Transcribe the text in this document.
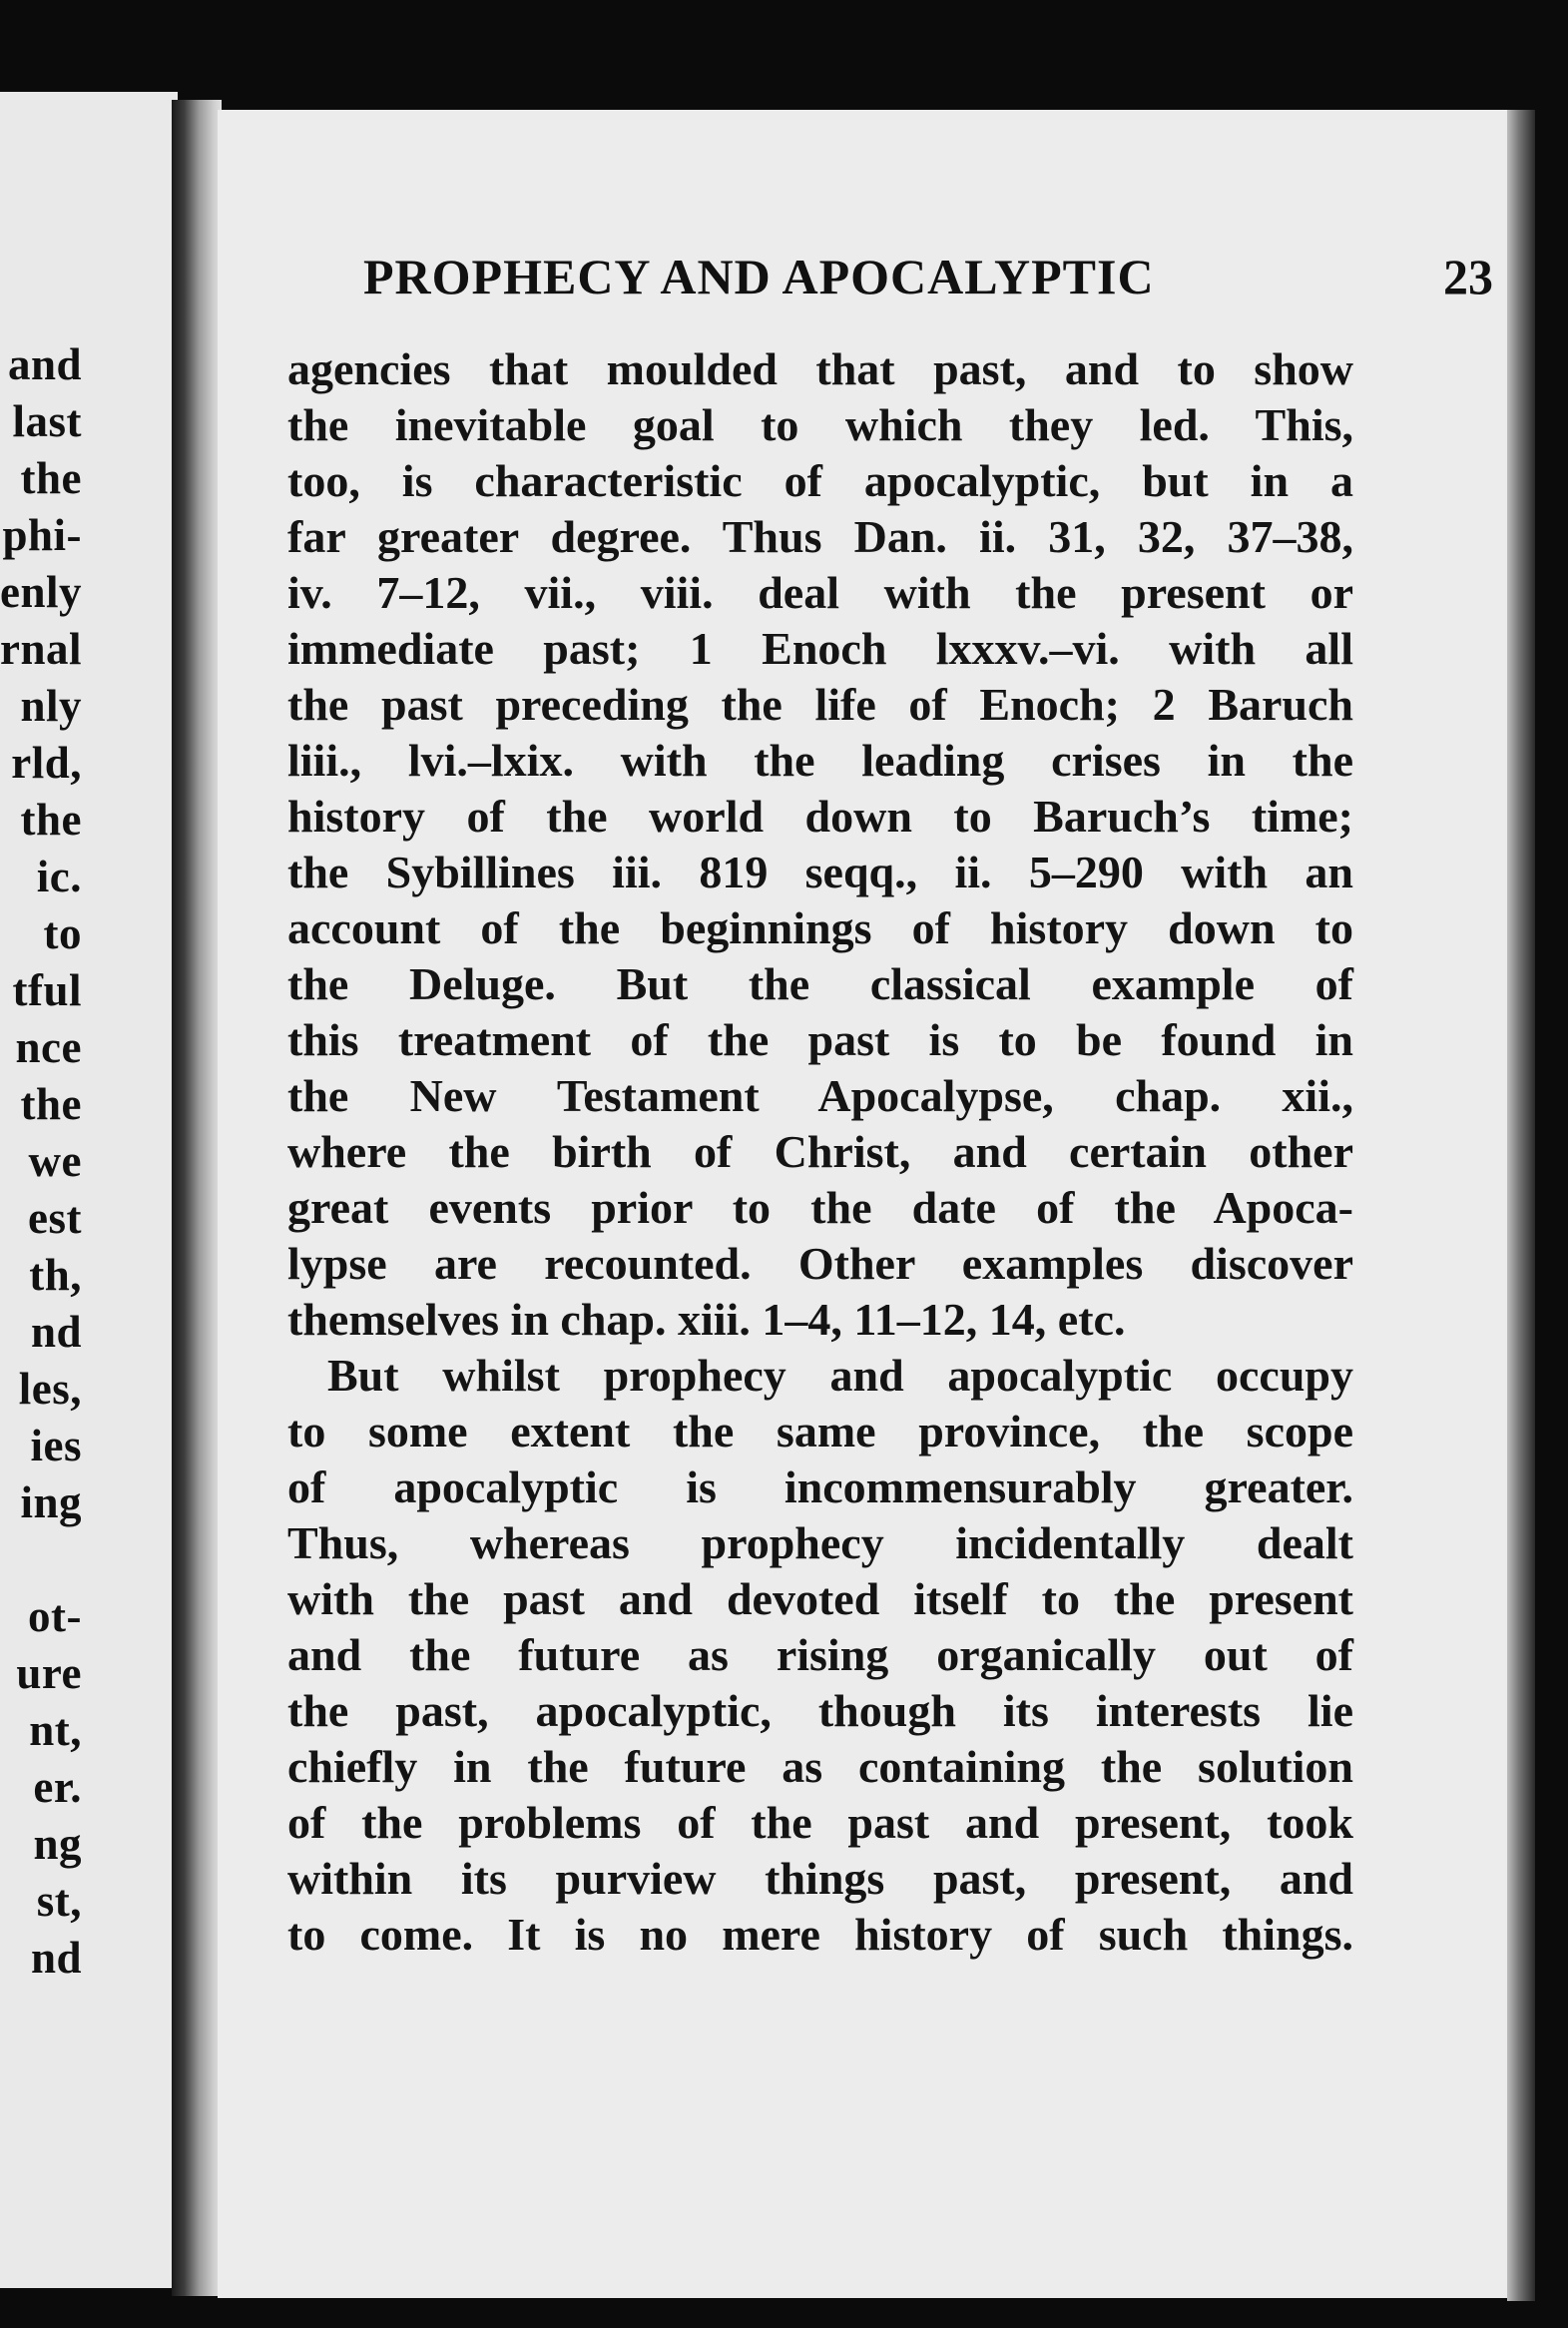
and
last
the
phi-
enly
rnal
nly
rld,
the
ic.
to
tful
nce
the
we
est
th,
nd
les,
ies
ing
ot-
ure
nt,
er.
ng
st,
nd
PROPHECY AND APOCALYPTIC	23
agencies that moulded that past, and to show
the inevitable goal to which they led. This,
too, is characteristic of apocalyptic, but in a
far greater degree. Thus Dan. ii. 31, 32, 37–38,
iv. 7–12, vii., viii. deal with the present or
immediate past; 1 Enoch lxxxv.–vi. with all
the past preceding the life of Enoch; 2 Baruch
liii., lvi.–lxix. with the leading crises in the
history of the world down to Baruch’s time;
the Sybillines iii. 819 seqq., ii. 5–290 with an
account of the beginnings of history down to
the Deluge. But the classical example of
this treatment of the past is to be found in
the New Testament Apocalypse, chap. xii.,
where the birth of Christ, and certain other
great events prior to the date of the Apoca-
lypse are recounted. Other examples discover
themselves in chap. xiii. 1–4, 11–12, 14, etc.
But whilst prophecy and apocalyptic occupy
to some extent the same province, the scope
of apocalyptic is incommensurably greater.
Thus, whereas prophecy incidentally dealt
with the past and devoted itself to the present
and the future as rising organically out of
the past, apocalyptic, though its interests lie
chiefly in the future as containing the solution
of the problems of the past and present, took
within its purview things past, present, and
to come. It is no mere history of such things.
